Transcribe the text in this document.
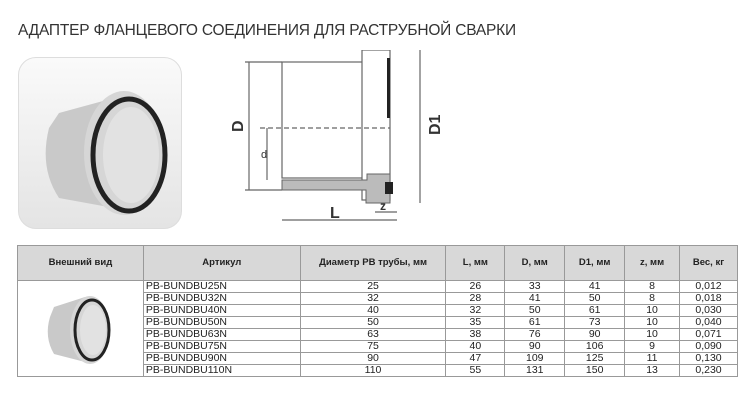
АДАПТЕР ФЛАНЦЕВОГО СОЕДИНЕНИЯ ДЛЯ РАСТРУБНОЙ СВАРКИ
D
d
D1
L	z
Внешний вид	Артикул	Диаметр PB трубы, мм	L, мм	D, мм	D1, мм	z, мм	Вес, кг
	PB-BUNDBU25N	25	26	33	41	8	0,012
	PB-BUNDBU32N	32	28	41	50	8	0,018
	PB-BUNDBU40N	40	32	50	61	10	0,030
	PB-BUNDBU50N	50	35	61	73	10	0,040
	PB-BUNDBU63N	63	38	76	90	10	0,071
	PB-BUNDBU75N	75	40	90	106	9	0,090
	PB-BUNDBU90N	90	47	109	125	11	0,130
	PB-BUNDBU110N	110	55	131	150	13	0,230
